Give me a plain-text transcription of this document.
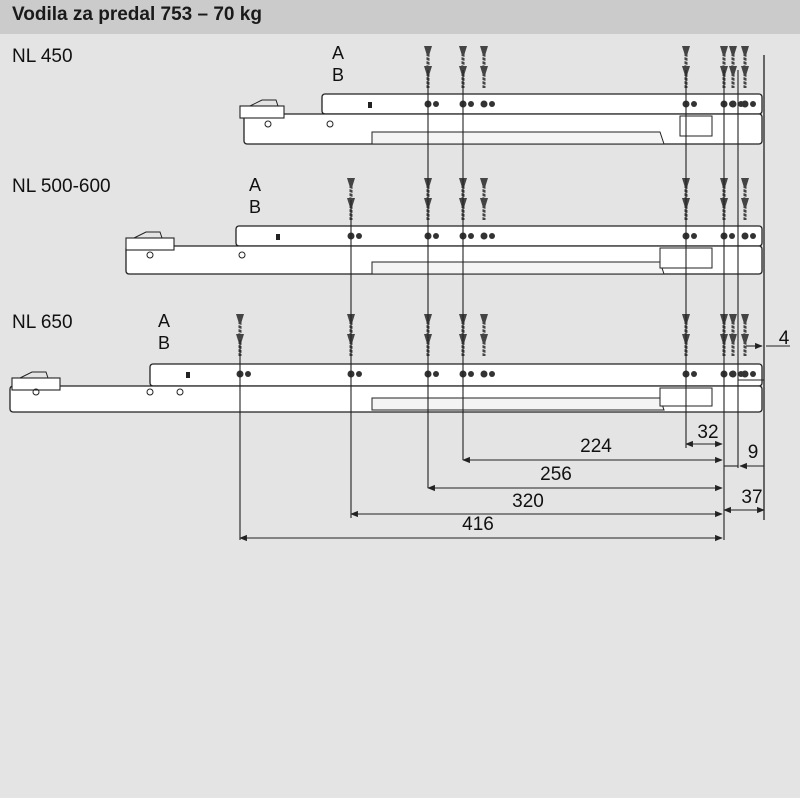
Vodila za predal 753 – 70 kg
NL 450
NL 500-600
NL 650
A
B
A
B
A
B
224
32
9
256
320	37
416
4
